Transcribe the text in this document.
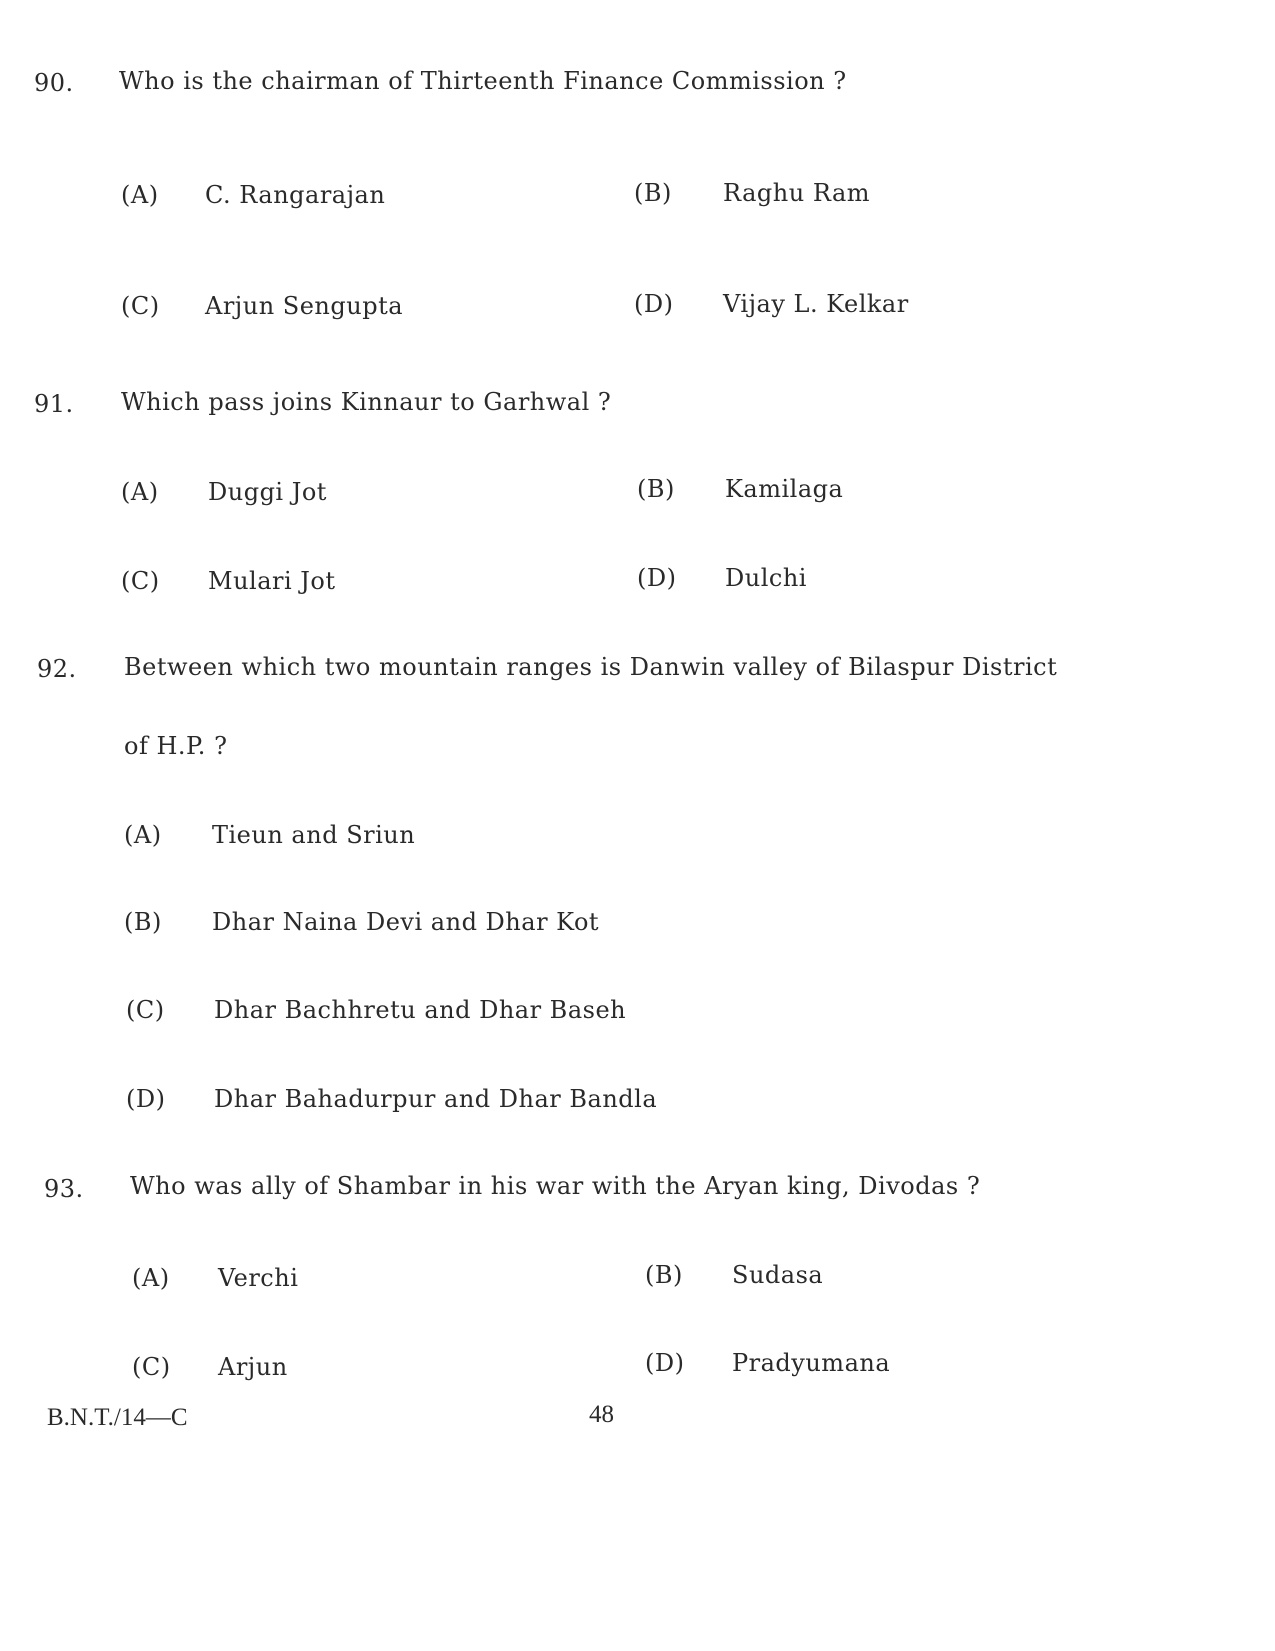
90. Who is the chairman of Thirteenth Finance Commission ?
(A) C. Rangarajan	(B) Raghu Ram
(C) Arjun Sengupta	(D) Vijay L. Kelkar
91. Which pass joins Kinnaur to Garhwal ?
(A) Duggi Jot	(B) Kamilaga
(C) Mulari Jot	(D) Dulchi
92. Between which two mountain ranges is Danwin valley of Bilaspur District
of H.P. ?
(A) Tieun and Sriun
(B) Dhar Naina Devi and Dhar Kot
(C) Dhar Bachhretu and Dhar Baseh
(D) Dhar Bahadurpur and Dhar Bandla
93. Who was ally of Shambar in his war with the Aryan king, Divodas ?
(A) Verchi	(B) Sudasa
(C) Arjun	(D) Pradyumana
B.N.T./14—C	48
